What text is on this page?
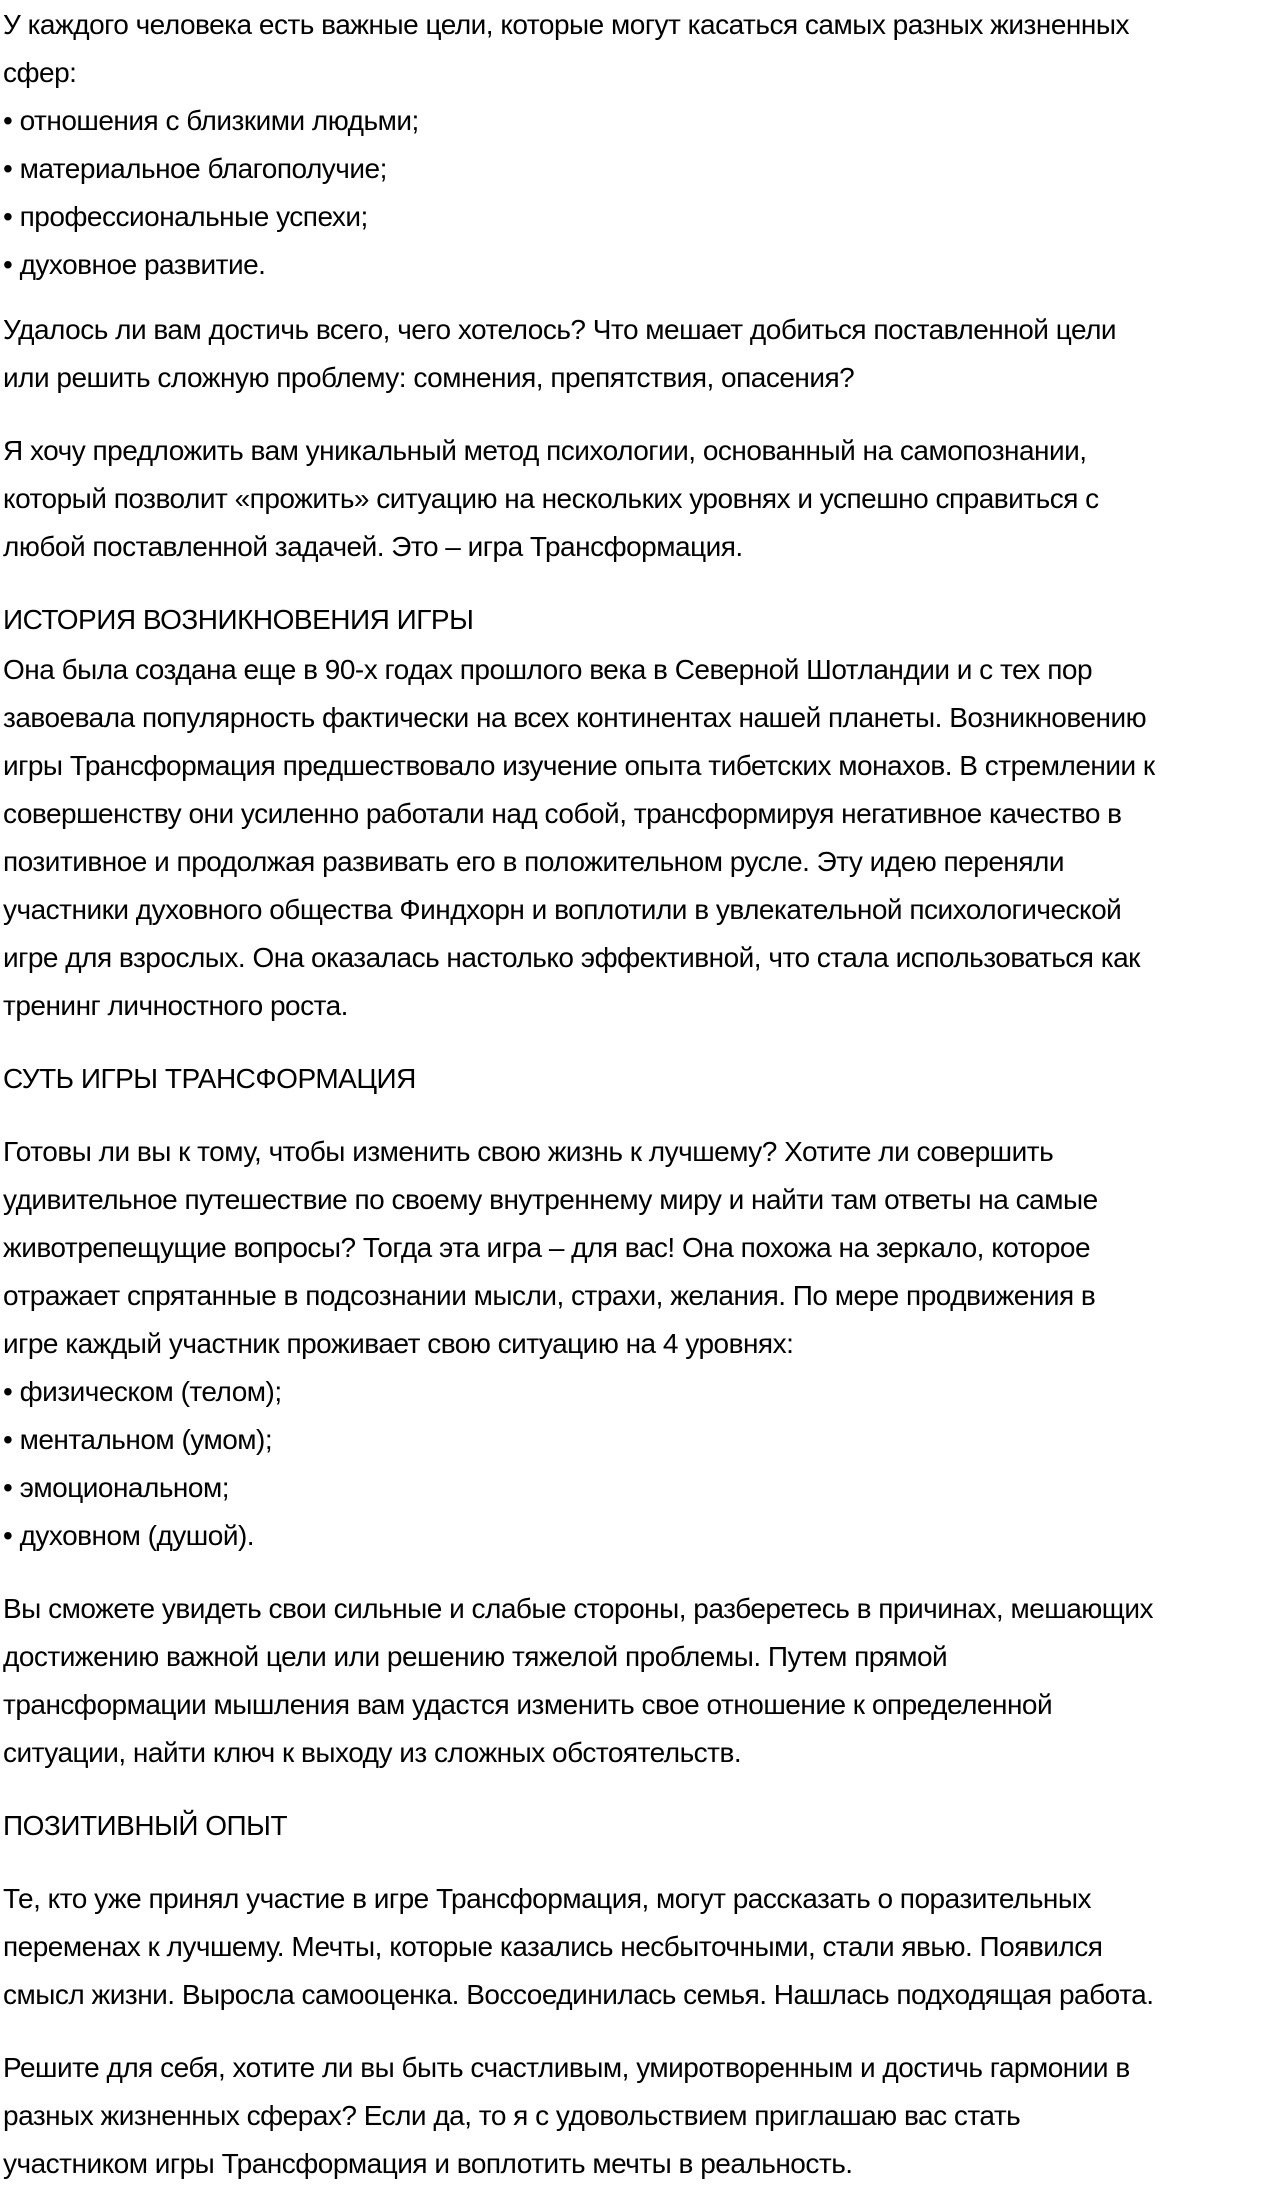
У каждого человека есть важные цели, которые могут касаться самых разных жизненных
сфер:
• отношения с близкими людьми;
• материальное благополучие;
• профессиональные успехи;
• духовное развитие.
Удалось ли вам достичь всего, чего хотелось? Что мешает добиться поставленной цели
или решить сложную проблему: сомнения, препятствия, опасения?
Я хочу предложить вам уникальный метод психологии, основанный на самопознании,
который позволит «прожить» ситуацию на нескольких уровнях и успешно справиться с
любой поставленной задачей. Это – игра Трансформация.
ИСТОРИЯ ВОЗНИКНОВЕНИЯ ИГРЫ
Она была создана еще в 90-х годах прошлого века в Северной Шотландии и с тех пор
завоевала популярность фактически на всех континентах нашей планеты. Возникновению
игры Трансформация предшествовало изучение опыта тибетских монахов. В стремлении к
совершенству они усиленно работали над собой, трансформируя негативное качество в
позитивное и продолжая развивать его в положительном русле. Эту идею переняли
участники духовного общества Финдхорн и воплотили в увлекательной психологической
игре для взрослых. Она оказалась настолько эффективной, что стала использоваться как
тренинг личностного роста.
СУТЬ ИГРЫ ТРАНСФОРМАЦИЯ
Готовы ли вы к тому, чтобы изменить свою жизнь к лучшему? Хотите ли совершить
удивительное путешествие по своему внутреннему миру и найти там ответы на самые
животрепещущие вопросы? Тогда эта игра – для вас! Она похожа на зеркало, которое
отражает спрятанные в подсознании мысли, страхи, желания. По мере продвижения в
игре каждый участник проживает свою ситуацию на 4 уровнях:
• физическом (телом);
• ментальном (умом);
• эмоциональном;
• духовном (душой).
Вы сможете увидеть свои сильные и слабые стороны, разберетесь в причинах, мешающих
достижению важной цели или решению тяжелой проблемы. Путем прямой
трансформации мышления вам удастся изменить свое отношение к определенной
ситуации, найти ключ к выходу из сложных обстоятельств.
ПОЗИТИВНЫЙ ОПЫТ
Те, кто уже принял участие в игре Трансформация, могут рассказать о поразительных
переменах к лучшему. Мечты, которые казались несбыточными, стали явью. Появился
смысл жизни. Выросла самооценка. Воссоединилась семья. Нашлась подходящая работа.
Решите для себя, хотите ли вы быть счастливым, умиротворенным и достичь гармонии в
разных жизненных сферах? Если да, то я с удовольствием приглашаю вас стать
участником игры Трансформация и воплотить мечты в реальность.
